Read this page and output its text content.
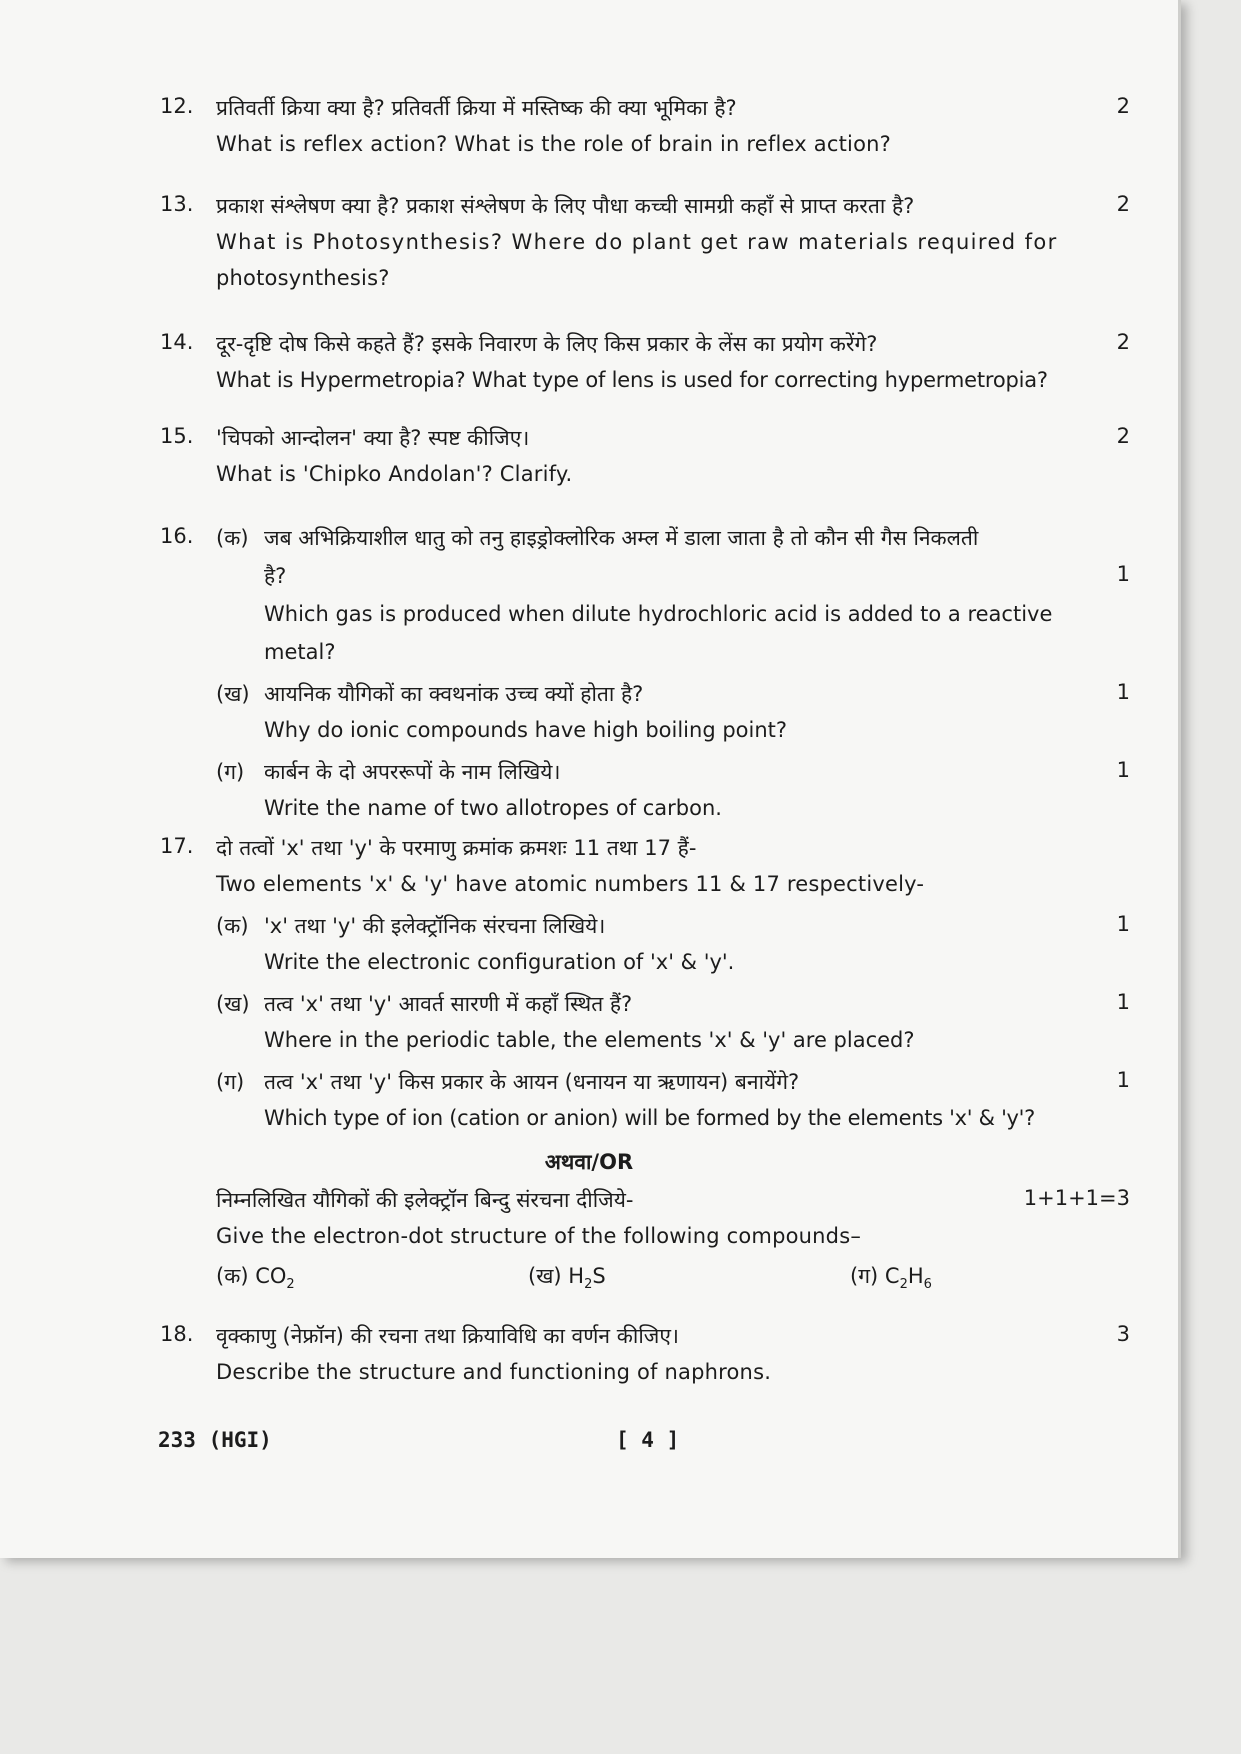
12.	प्रतिवर्ती क्रिया क्या है? प्रतिवर्ती क्रिया में मस्तिष्क की क्या भूमिका है?	2
What is reflex action? What is the role of brain in reflex action?
13.	प्रकाश संश्लेषण क्या है? प्रकाश संश्लेषण के लिए पौधा कच्ची सामग्री कहाँ से प्राप्त करता है?	2
What is Photosynthesis? Where do plant get raw materials required for
photosynthesis?
14.	दूर-दृष्टि दोष किसे कहते हैं? इसके निवारण के लिए किस प्रकार के लेंस का प्रयोग करेंगे?	2
What is Hypermetropia? What type of lens is used for correcting hypermetropia?
15.	'चिपको आन्दोलन' क्या है? स्पष्ट कीजिए।	2
What is 'Chipko Andolan'? Clarify.
16.	(क) जब अभिक्रियाशील धातु को तनु हाइड्रोक्लोरिक अम्ल में डाला जाता है तो कौन सी गैस निकलती
है?	1
Which gas is produced when dilute hydrochloric acid is added to a reactive
metal?
(ख) आयनिक यौगिकों का क्वथनांक उच्च क्यों होता है?	1
Why do ionic compounds have high boiling point?
(ग) कार्बन के दो अपररूपों के नाम लिखिये।	1
Write the name of two allotropes of carbon.
17.	दो तत्वों 'x' तथा 'y' के परमाणु क्रमांक क्रमशः 11 तथा 17 हैं-
Two elements 'x' & 'y' have atomic numbers 11 & 17 respectively-
(क) 'x' तथा 'y' की इलेक्ट्रॉनिक संरचना लिखिये।	1
Write the electronic configuration of 'x' & 'y'.
(ख) तत्व 'x' तथा 'y' आवर्त सारणी में कहाँ स्थित हैं?	1
Where in the periodic table, the elements 'x' & 'y' are placed?
(ग) तत्व 'x' तथा 'y' किस प्रकार के आयन (धनायन या ऋणायन) बनायेंगे?	1
Which type of ion (cation or anion) will be formed by the elements 'x' & 'y'?
अथवा/OR
निम्नलिखित यौगिकों की इलेक्ट्रॉन बिन्दु संरचना दीजिये-	1+1+1=3
Give the electron-dot structure of the following compounds–
(क) $CO_2$	(ख) $H_2S$	(ग) $C_2H_6$
18.	वृक्काणु (नेफ्रॉन) की रचना तथा क्रियाविधि का वर्णन कीजिए।	3
Describe the structure and functioning of naphrons.
233 (HGI)	[ 4 ]
